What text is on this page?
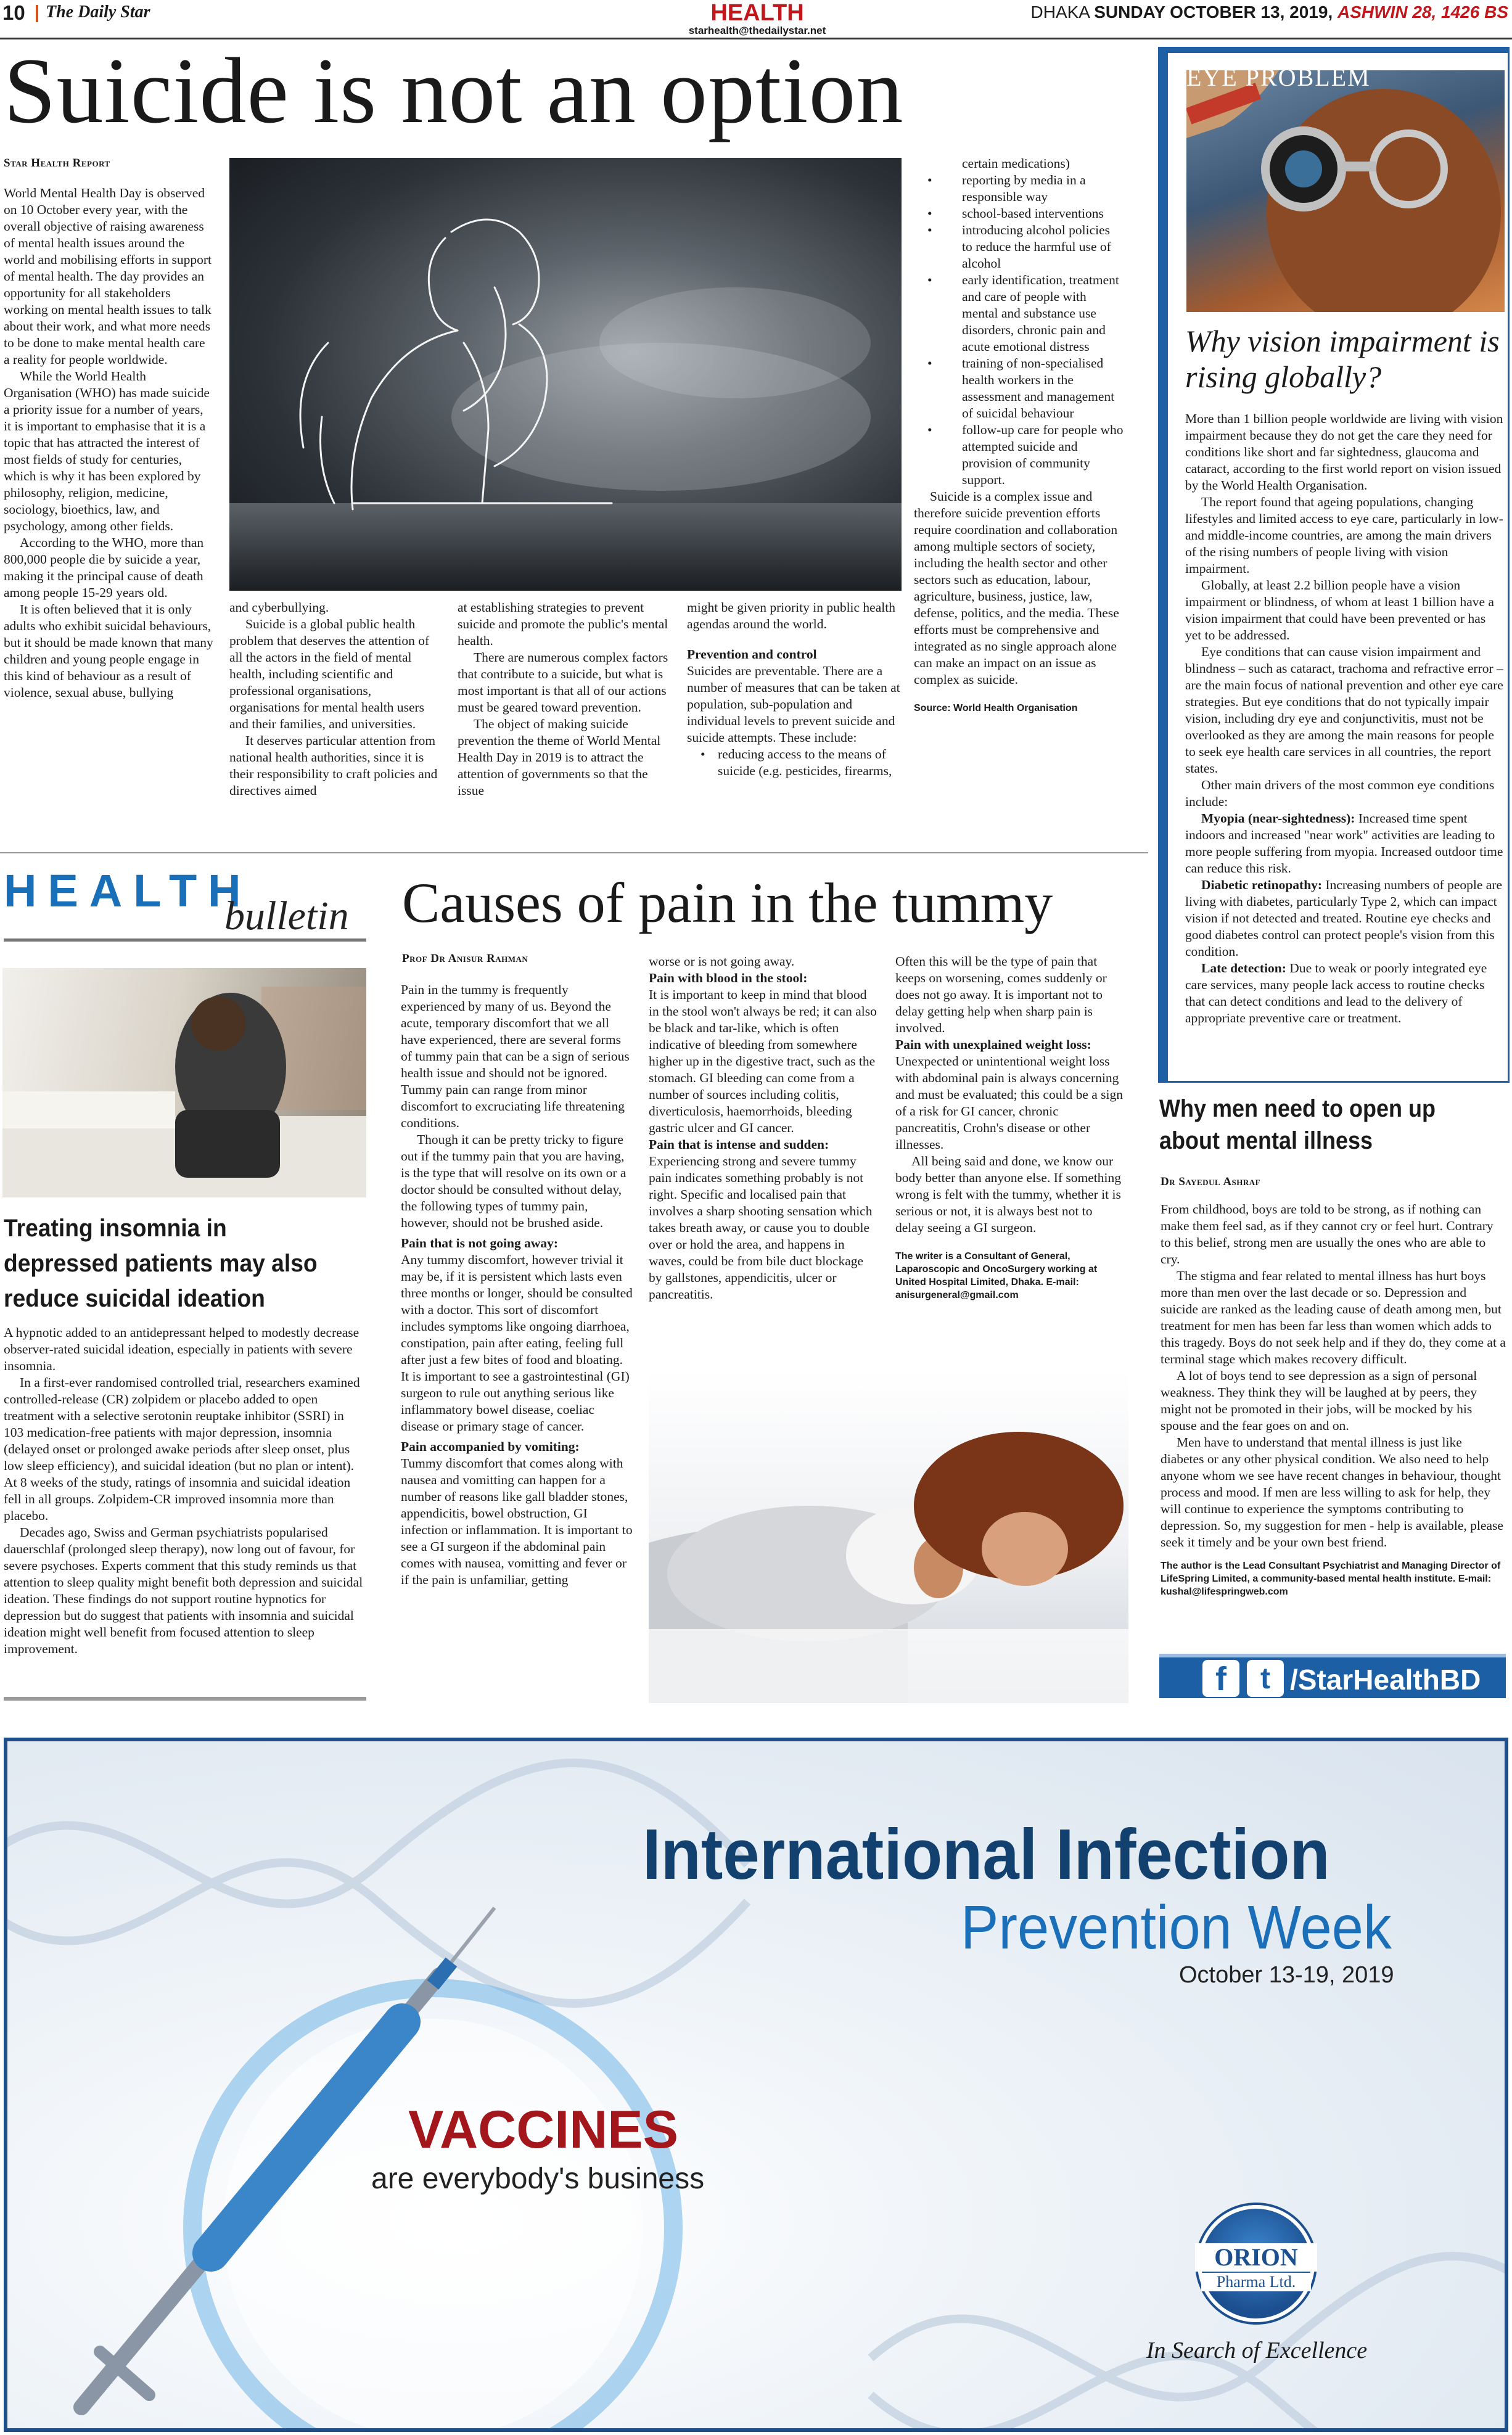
10 The Daily Star	HEALTH
starhealth@thedailystar.net
DHAKA SUNDAY OCTOBER 13, 2019, ASHWIN 28, 1426 BS
Suicide is not an option
Star Health Report

World Mental Health Day is observed on 10 October every year, with the overall objective of raising awareness of mental health issues around the world and mobilising efforts in support of mental health. The day provides an opportunity for all stakeholders working on mental health issues to talk about their work, and what more needs to be done to make mental health care a reality for people worldwide.

While the World Health Organisation (WHO) has made suicide a priority issue for a number of years, it is important to emphasise that it is a topic that has attracted the interest of most fields of study for centuries, which is why it has been explored by philosophy, religion, medicine, sociology, bioethics, law, and psychology, among other fields.

According to the WHO, more than 800,000 people die by suicide a year, making it the principal cause of death among people 15-29 years old.

It is often believed that it is only adults who exhibit suicidal behaviours, but it should be made known that many children and young people engage in this kind of behaviour as a result of violence, sexual abuse, bullying

and cyberbullying.

Suicide is a global public health problem that deserves the attention of all the actors in the field of mental health, including scientific and professional organisations, organisations for mental health users and their families, and universities.

It deserves particular attention from national health authorities, since it is their responsibility to craft policies and directives aimed

at establishing strategies to prevent suicide and promote the public's mental health.

There are numerous complex factors that contribute to a suicide, but what is most important is that all of our actions must be geared toward prevention.

The object of making suicide prevention the theme of World Mental Health Day in 2019 is to attract the attention of governments so that the issue

might be given priority in public health agendas around the world.

Prevention and control

Suicides are preventable. There are a number of measures that can be taken at population, sub-population and individual levels to prevent suicide and suicide attempts. These include:

• reducing access to the means of suicide (e.g. pesticides, firearms,

certain medications)

• reporting by media in a responsible way
• school-based interventions
• introducing alcohol policies to reduce the harmful use of alcohol
• early identification, treatment and care of people with mental and substance use disorders, chronic pain and acute emotional distress
• training of non-specialised health workers in the assessment and management of suicidal behaviour
• follow-up care for people who attempted suicide and provision of community support.

Suicide is a complex issue and therefore suicide prevention efforts require coordination and collaboration among multiple sectors of society, including the health sector and other sectors such as education, labour, agriculture, business, justice, law, defense, politics, and the media. These efforts must be comprehensive and integrated as no single approach alone can make an impact on an issue as complex as suicide.

Source: World Health Organisation

EYE PROBLEM
Why vision impairment is rising globally?

More than 1 billion people worldwide are living with vision impairment because they do not get the care they need for conditions like short and far sightedness, glaucoma and cataract, according to the first world report on vision issued by the World Health Organisation.

The report found that ageing populations, changing lifestyles and limited access to eye care, particularly in low- and middle-income countries, are among the main drivers of the rising numbers of people living with vision impairment.

Globally, at least 2.2 billion people have a vision impairment or blindness, of whom at least 1 billion have a vision impairment that could have been prevented or has yet to be addressed.

Eye conditions that can cause vision impairment and blindness – such as cataract, trachoma and refractive error – are the main focus of national prevention and other eye care strategies. But eye conditions that do not typically impair vision, including dry eye and conjunctivitis, must not be overlooked as they are among the main reasons for people to seek eye health care services in all countries, the report states.

Other main drivers of the most common eye conditions include:

Myopia (near-sightedness): Increased time spent indoors and increased "near work" activities are leading to more people suffering from myopia. Increased outdoor time can reduce this risk.

Diabetic retinopathy: Increasing numbers of people are living with diabetes, particularly Type 2, which can impact vision if not detected and treated. Routine eye checks and good diabetes control can protect people's vision from this condition.

Late detection: Due to weak or poorly integrated eye care services, many people lack access to routine checks that can detect conditions and lead to the delivery of appropriate preventive care or treatment.

HEALTH
bulletin
Treating insomnia in depressed patients may also reduce suicidal ideation

A hypnotic added to an antidepressant helped to modestly decrease observer-rated suicidal ideation, especially in patients with severe insomnia.

In a first-ever randomised controlled trial, researchers examined controlled-release (CR) zolpidem or placebo added to open treatment with a selective serotonin reuptake inhibitor (SSRI) in 103 medication-free patients with major depression, insomnia (delayed onset or prolonged awake periods after sleep onset, plus low sleep efficiency), and suicidal ideation (but no plan or intent). At 8 weeks of the study, ratings of insomnia and suicidal ideation fell in all groups. Zolpidem-CR improved insomnia more than placebo.

Decades ago, Swiss and German psychiatrists popularised dauerschlaf (prolonged sleep therapy), now long out of favour, for severe psychoses. Experts comment that this study reminds us that attention to sleep quality might benefit both depression and suicidal ideation. These findings do not support routine hypnotics for depression but do suggest that patients with insomnia and suicidal ideation might well benefit from focused attention to sleep improvement.

Causes of pain in the tummy
Prof Dr Anisur Rahman

Pain in the tummy is frequently experienced by many of us. Beyond the acute, temporary discomfort that we all have experienced, there are several forms of tummy pain that can be a sign of serious health issue and should not be ignored. Tummy pain can range from minor discomfort to excruciating life threatening conditions.

Though it can be pretty tricky to figure out if the tummy pain that you are having, is the type that will resolve on its own or a doctor should be consulted without delay, the following types of tummy pain, however, should not be brushed aside.

Pain that is not going away:

Any tummy discomfort, however trivial it may be, if it is persistent which lasts even three months or longer, should be consulted with a doctor. This sort of discomfort includes symptoms like ongoing diarrhoea, constipation, pain after eating, feeling full after just a few bites of food and bloating. It is important to see a gastrointestinal (GI) surgeon to rule out anything serious like inflammatory bowel disease, coeliac disease or primary stage of cancer.

Pain accompanied by vomiting:

Tummy discomfort that comes along with nausea and vomitting can happen for a number of reasons like gall bladder stones, appendicitis, bowel obstruction, GI infection or inflammation. It is important to see a GI surgeon if the abdominal pain comes with nausea, vomitting and fever or if the pain is unfamiliar, getting

worse or is not going away.

Pain with blood in the stool:

It is important to keep in mind that blood in the stool won't always be red; it can also be black and tar-like, which is often indicative of bleeding from somewhere higher up in the digestive tract, such as the stomach. GI bleeding can come from a number of sources including colitis, diverticulosis, haemorrhoids, bleeding gastric ulcer and GI cancer.

Pain that is intense and sudden:

Experiencing strong and severe tummy pain indicates something probably is not right. Specific and localised pain that involves a sharp shooting sensation which takes breath away, or cause you to double over or hold the area, and happens in waves, could be from bile duct blockage by gallstones, appendicitis, ulcer or pancreatitis.

Often this will be the type of pain that keeps on worsening, comes suddenly or does not go away. It is important not to delay getting help when sharp pain is involved.

Pain with unexplained weight loss:

Unexpected or unintentional weight loss with abdominal pain is always concerning and must be evaluated; this could be a sign of a risk for GI cancer, chronic pancreatitis, Crohn's disease or other illnesses.

All being said and done, we know our body better than anyone else. If something wrong is felt with the tummy, whether it is serious or not, it is always best not to delay seeing a GI surgeon.

The writer is a Consultant of General, Laparoscopic and OncoSurgery working at United Hospital Limited, Dhaka. E-mail: anisurgeneral@gmail.com

Why men need to open up about mental illness
Dr Sayedul Ashraf

From childhood, boys are told to be strong, as if nothing can make them feel sad, as if they cannot cry or feel hurt. Contrary to this belief, strong men are usually the ones who are able to cry.

The stigma and fear related to mental illness has hurt boys more than men over the last decade or so. Depression and suicide are ranked as the leading cause of death among men, but treatment for men has been far less than women which adds to this tragedy. Boys do not seek help and if they do, they come at a terminal stage which makes recovery difficult.

A lot of boys tend to see depression as a sign of personal weakness. They think they will be laughed at by peers, they might not be promoted in their jobs, will be mocked by his spouse and the fear goes on and on.

Men have to understand that mental illness is just like diabetes or any other physical condition. We also need to help anyone whom we see have recent changes in behaviour, thought process and mood. If men are less willing to ask for help, they will continue to experience the symptoms contributing to depression. So, my suggestion for men - help is available, please seek it timely and be your own best friend.

The author is the Lead Consultant Psychiatrist and Managing Director of LifeSpring Limited, a community-based mental health institute. E-mail: kushal@lifespringweb.com

f	t /StarHealthBD
International Infection
Prevention Week
October 13-19, 2019
VACCINES
are everybody's business
ORION
Pharma Ltd.
In Search of Excellence
